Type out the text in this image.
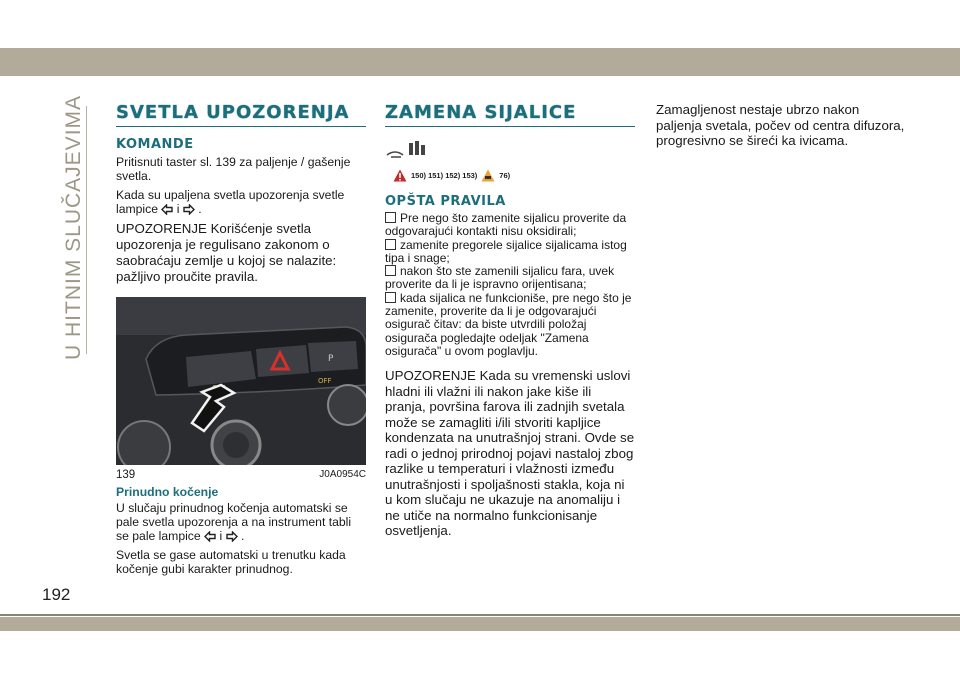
U HITNIM SLUČAJEVIMA
192
SVETLA UPOZORENJA
KOMANDE

Pritisnuti taster sl. 139 za paljenje / gašenje svetla.

Kada su upaljena svetla upozorenja svetle lampice i .

UPOZORENJE Korišćenje svetla upozorenja je regulisano zakonom o saobraćaju zemlje u kojoj se nalazite: pažljivo proučite pravila.

P
OFF
139	J0A0954C
Prinudno kočenje

U slučaju prinudnog kočenja automatski se pale svetla upozorenja a na instrument tabli se pale lampice i .

Svetla se gase automatski u trenutku kada kočenje gubi karakter prinudnog.

ZAMENA SIJALICE
150) 151) 152) 153)	76)
OPŠTA PRAVILA

Pre nego što zamenite sijalicu proverite da odgovarajući kontakti nisu oksidirali;

zamenite pregorele sijalice sijalicama istog tipa i snage;

nakon što ste zamenili sijalicu fara, uvek proverite da li je ispravno orijentisana;

kada sijalica ne funkcioniše, pre nego što je zamenite, proverite da li je odgovarajući osigurač čitav: da biste utvrdili položaj osigurača pogledajte odeljak "Zamena osigurača" u ovom poglavlju.

UPOZORENJE Kada su vremenski uslovi hladni ili vlažni ili nakon jake kiše ili pranja, površina farova ili zadnjih svetala može se zamagliti i/ili stvoriti kapljice kondenzata na unutrašnjoj strani. Ovde se radi o jednoj prirodnoj pojavi nastaloj zbog razlike u temperaturi i vlažnosti između unutrašnjosti i spoljašnosti stakla, koja ni u kom slučaju ne ukazuje na anomaliju i ne utiče na normalno funkcionisanje osvetljenja.

Zamagljenost nestaje ubrzo nakon paljenja svetala, počev od centra difuzora, progresivno se šireći ka ivicama.
